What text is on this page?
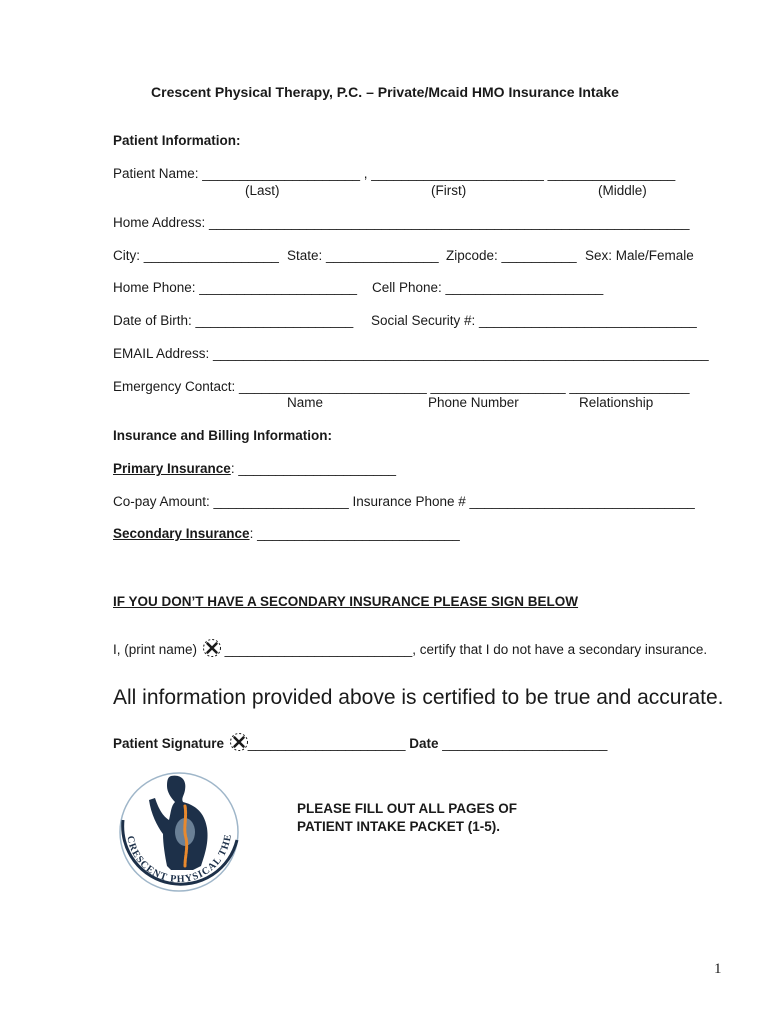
Crescent Physical Therapy, P.C. – Private/Mcaid HMO Insurance Intake
Patient Information:
Patient Name: _____________________ , _______________________ _________________
(Last)	(First)	(Middle)
Home Address: ________________________________________________________________
City: __________________ State: _______________ Zipcode: __________ Sex: Male/Female
Home Phone: _____________________ Cell Phone: _____________________
Date of Birth: _____________________ Social Security #: _____________________________
EMAIL Address: __________________________________________________________________
Emergency Contact: _________________________ __________________ ________________
Name	Phone Number	Relationship
Insurance and Billing Information:
Primary Insurance: _____________________
Co-pay Amount: __________________ Insurance Phone # ______________________________
Secondary Insurance: ___________________________
IF YOU DON’T HAVE A SECONDARY INSURANCE PLEASE SIGN BELOW
I, (print name) _________________________, certify that I do not have a secondary insurance.
All information provided above is certified to be true and accurate.
Patient Signature _____________________ Date ______________________
CRESCENT PHYSICAL THE
PLEASE FILL OUT ALL PAGES OF
PATIENT INTAKE PACKET (1-5).
1
